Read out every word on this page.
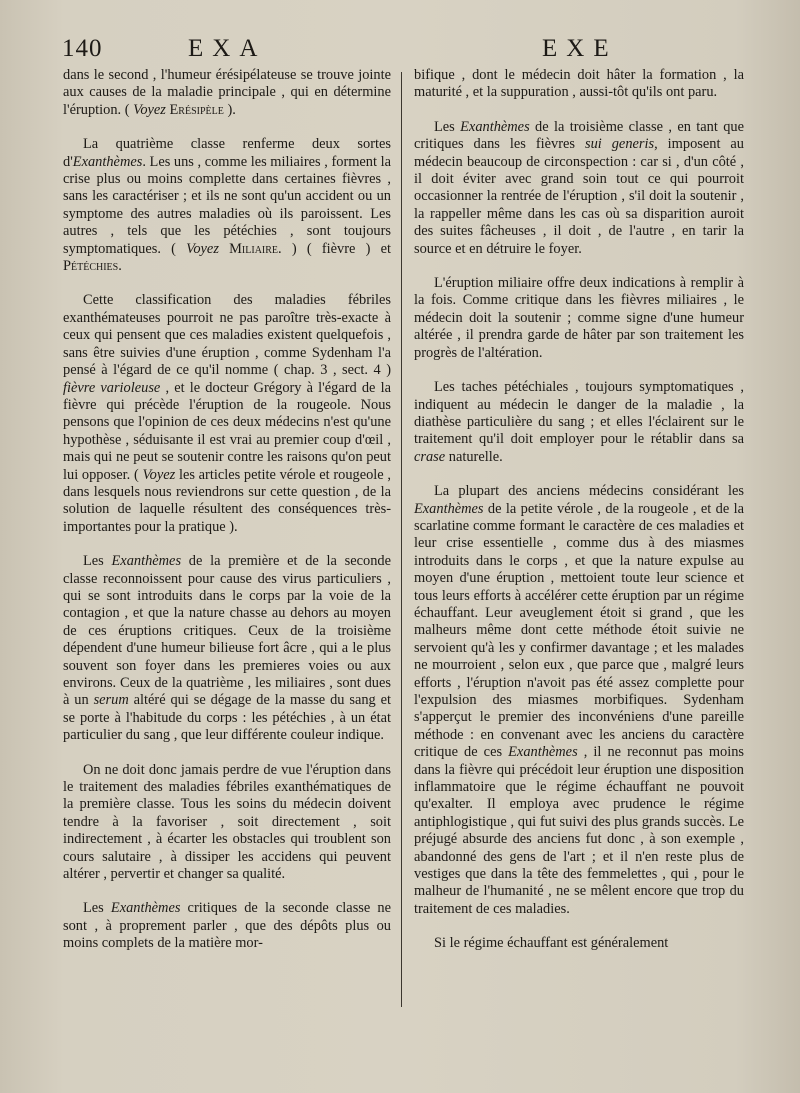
140	EXA	EXE

dans le second , l'humeur érésipélateuse se trouve jointe aux causes de la maladie principale , qui en détermine l'éruption. ( Voyez Erésipèle ).

La quatrième classe renferme deux sortes d'Exanthèmes. Les uns , comme les miliaires , forment la crise plus ou moins complette dans certaines fièvres , sans les caractériser ; et ils ne sont qu'un accident ou un symptome des autres maladies où ils paroissent. Les autres , tels que les pétéchies , sont toujours symptomatiques. ( Voyez Miliaire. ) ( fièvre ) et Pétéchies.

Cette classification des maladies fébriles exanthémateuses pourroit ne pas paroître très-exacte à ceux qui pensent que ces maladies existent quelquefois , sans être suivies d'une éruption , comme Sydenham l'a pensé à l'égard de ce qu'il nomme ( chap. 3 , sect. 4 ) fièvre varioleuse , et le docteur Grégory à l'égard de la fièvre qui précède l'éruption de la rougeole. Nous pensons que l'opinion de ces deux médecins n'est qu'une hypothèse , séduisante il est vrai au premier coup d'œil , mais qui ne peut se soutenir contre les raisons qu'on peut lui opposer. ( Voyez les articles petite vérole et rougeole , dans lesquels nous reviendrons sur cette question , de la solution de laquelle résultent des conséquences très-importantes pour la pratique ).

Les Exanthèmes de la première et de la seconde classe reconnoissent pour cause des virus particuliers , qui se sont introduits dans le corps par la voie de la contagion , et que la nature chasse au dehors au moyen de ces éruptions critiques. Ceux de la troisième dépendent d'une humeur bilieuse fort âcre , qui a le plus souvent son foyer dans les premieres voies ou aux environs. Ceux de la quatrième , les miliaires , sont dues à un serum altéré qui se dégage de la masse du sang et se porte à l'habitude du corps : les pétéchies , à un état particulier du sang , que leur différente couleur indique.

On ne doit donc jamais perdre de vue l'éruption dans le traitement des maladies fébriles exanthématiques de la première classe. Tous les soins du médecin doivent tendre à la favoriser , soit directement , soit indirectement , à écarter les obstacles qui troublent son cours salutaire , à dissiper les accidens qui peuvent altérer , pervertir et changer sa qualité.

Les Exanthèmes critiques de la seconde classe ne sont , à proprement parler , que des dépôts plus ou moins complets de la matière mor-

bifique , dont le médecin doit hâter la formation , la maturité , et la suppuration , aussi-tôt qu'ils ont paru.

Les Exanthèmes de la troisième classe , en tant que critiques dans les fièvres sui generis, imposent au médecin beaucoup de circonspection : car si , d'un côté , il doit éviter avec grand soin tout ce qui pourroit occasionner la rentrée de l'éruption , s'il doit la soutenir , la rappeller même dans les cas où sa disparition auroit des suites fâcheuses , il doit , de l'autre , en tarir la source et en détruire le foyer.

L'éruption miliaire offre deux indications à remplir à la fois. Comme critique dans les fièvres miliaires , le médecin doit la soutenir ; comme signe d'une humeur altérée , il prendra garde de hâter par son traitement les progrès de l'altération.

Les taches pétéchiales , toujours symptomatiques , indiquent au médecin le danger de la maladie , la diathèse particulière du sang ; et elles l'éclairent sur le traitement qu'il doit employer pour le rétablir dans sa crase naturelle.

La plupart des anciens médecins considérant les Exanthèmes de la petite vérole , de la rougeole , et de la scarlatine comme formant le caractère de ces maladies et leur crise essentielle , comme dus à des miasmes introduits dans le corps , et que la nature expulse au moyen d'une éruption , mettoient toute leur science et tous leurs efforts à accélérer cette éruption par un régime échauffant. Leur aveuglement étoit si grand , que les malheurs même dont cette méthode étoit suivie ne servoient qu'à les y confirmer davantage ; et les malades ne mourroient , selon eux , que parce que , malgré leurs efforts , l'éruption n'avoit pas été assez complette pour l'expulsion des miasmes morbifiques. Sydenham s'apperçut le premier des inconvéniens d'une pareille méthode : en convenant avec les anciens du caractère critique de ces Exanthèmes , il ne reconnut pas moins dans la fièvre qui précédoit leur éruption une disposition inflammatoire que le régime échauffant ne pouvoit qu'exalter. Il employa avec prudence le régime antiphlogistique , qui fut suivi des plus grands succès. Le préjugé absurde des anciens fut donc , à son exemple , abandonné des gens de l'art ; et il n'en reste plus de vestiges que dans la tête des femmelettes , qui , pour le malheur de l'humanité , ne se mêlent encore que trop du traitement de ces maladies.

Si le régime échauffant est généralement
